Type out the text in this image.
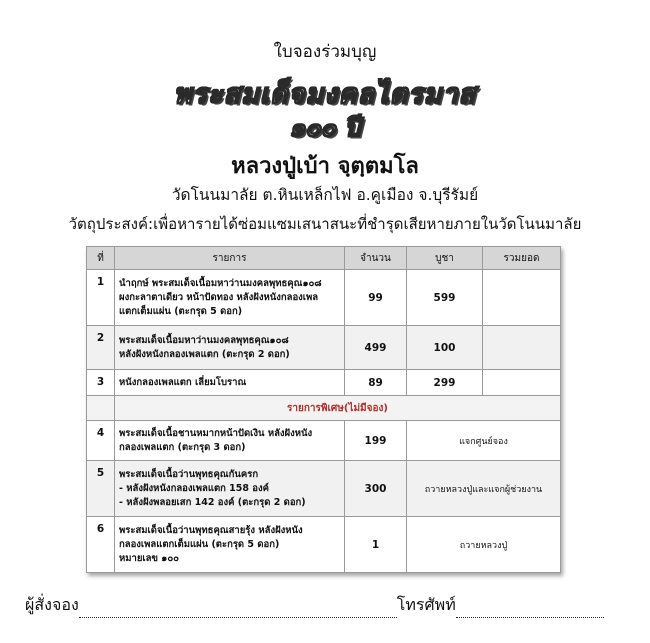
ใบจองร่วมบุญ
พระสมเด็จมงคลไตรมาส
๑๐๐ ปี
หลวงปู่เบ้า จฺตฺตมโล
วัดโนนมาลัย ต.หินเหล็กไฟ อ.คูเมือง จ.บุรีรัมย์
วัตถุประสงค์:เพื่อหารายได้ซ่อมแซมเสนาสนะที่ชำรุดเสียหายภายในวัดโนนมาลัย
ที่	รายการ	จำนวน	บูชา	รวมยอด
1	นำฤกษ์ พระสมเด็จเนื้อมหาว่านมงคลพุทธคุณ๑๐๘
ผงกะลาตาเดียว หน้าปัดทอง หลังฝังหนังกลองเพล
แตกเต็มแผ่น (ตะกรุด 5 ดอก)	99	599	
2	พระสมเด็จเนื้อมหาว่านมงคลพุทธคุณ๑๐๘
หลังฝังหนังกลองเพลแตก (ตะกรุด 2 ดอก)	499	100	
3	หนังกลองเพลแตก เลี่ยมโบราณ	89	299	
	รายการพิเศษ(ไม่มีจอง)			
4	พระสมเด็จเนื้อชานหมากหน้าปัดเงิน หลังฝังหนัง
กลองเพลแตก (ตะกรุด 3 ดอก)	199	แจกศูนย์จอง	
5	พระสมเด็จเนื้อว่านพุทธคุณกันครก
- หลังฝังหนังกลองเพลแตก 158 องค์
- หลังฝังพลอยเสก 142 องค์ (ตะกรุด 2 ดอก)	300	ถวายหลวงปู่และแจกผู้ช่วยงาน	
6	พระสมเด็จเนื้อว่านพุทธคุณสายรุ้ง หลังฝังหนัง
กลองเพลแตกเต็มแผ่น (ตะกรุด 5 ดอก)
หมายเลข ๑๐๐	1	ถวายหลวงปู่	
ผู้สั่งจอง	โทรศัพท์
